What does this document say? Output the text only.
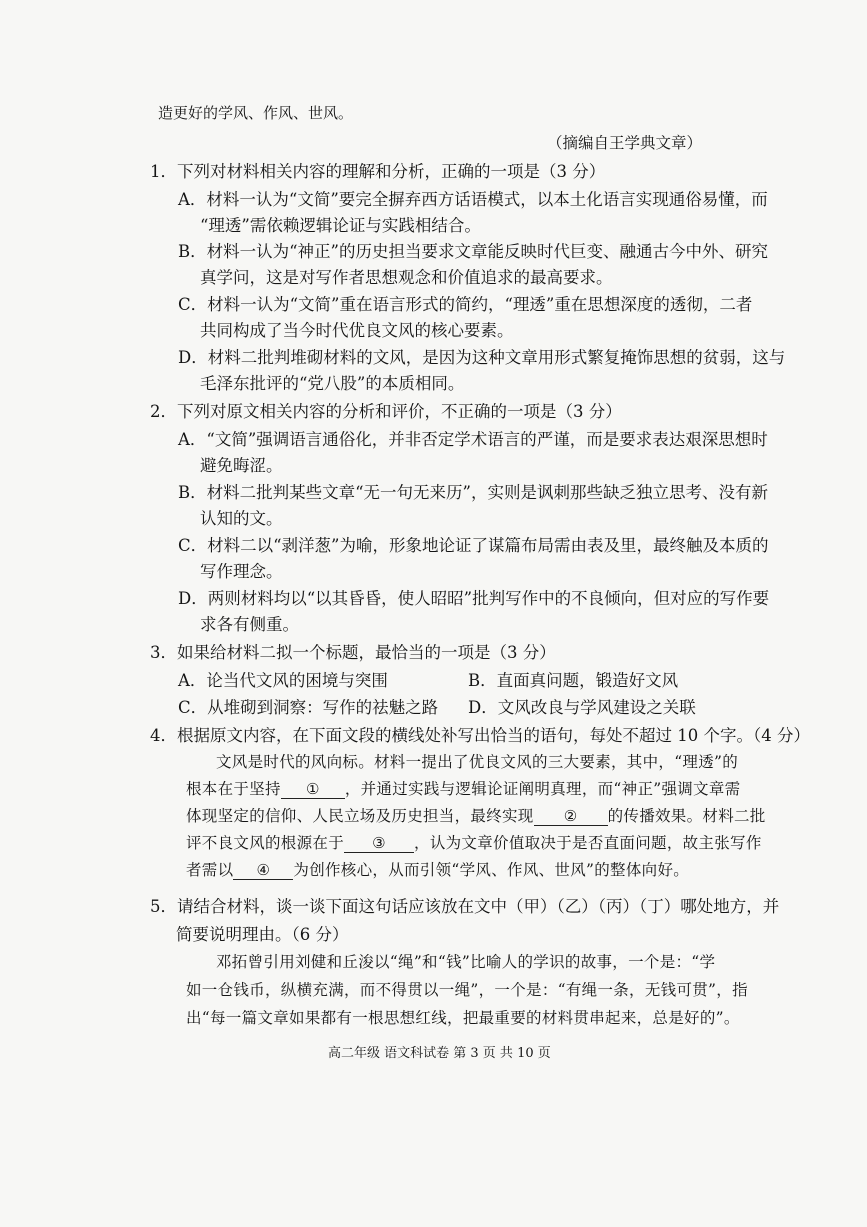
造更好的学风、作风、世风。
（摘编自王学典文章）
1．下列对材料相关内容的理解和分析，正确的一项是（3 分）
A．材料一认为“文简”要完全摒弃西方话语模式，以本土化语言实现通俗易懂，而
“理透”需依赖逻辑论证与实践相结合。
B．材料一认为“神正”的历史担当要求文章能反映时代巨变、融通古今中外、研究
真学问，这是对写作者思想观念和价值追求的最高要求。
C．材料一认为“文简”重在语言形式的简约，“理透”重在思想深度的透彻，二者
共同构成了当今时代优良文风的核心要素。
D．材料二批判堆砌材料的文风，是因为这种文章用形式繁复掩饰思想的贫弱，这与
毛泽东批评的“党八股”的本质相同。
2．下列对原文相关内容的分析和评价，不正确的一项是（3 分）
A．“文简”强调语言通俗化，并非否定学术语言的严谨，而是要求表达艰深思想时
避免晦涩。
B．材料二批判某些文章“无一句无来历”，实则是讽刺那些缺乏独立思考、没有新
认知的文。
C．材料二以“剥洋葱”为喻，形象地论证了谋篇布局需由表及里，最终触及本质的
写作理念。
D．两则材料均以“以其昏昏，使人昭昭”批判写作中的不良倾向，但对应的写作要
求各有侧重。
3．如果给材料二拟一个标题，最恰当的一项是（3 分）
A．论当代文风的困境与突围	B．直面真问题，锻造好文风
C．从堆砌到洞察：写作的祛魅之路 D．文风改良与学风建设之关联
4．根据原文内容，在下面文段的横线处补写出恰当的语句，每处不超过 10 个字。（4 分）
文风是时代的风向标。材料一提出了优良文风的三大要素，其中，“理透”的
根本在于坚持 ① ，并通过实践与逻辑论证阐明真理，而“神正”强调文章需
体现坚定的信仰、人民立场及历史担当，最终实现 ② 的传播效果。材料二批
评不良文风的根源在于 ③ ，认为文章价值取决于是否直面问题，故主张写作
者需以 ④ 为创作核心，从而引领“学风、作风、世风”的整体向好。
5．请结合材料，谈一谈下面这句话应该放在文中（甲）（乙）（丙）（丁）哪处地方，并
简要说明理由。（6 分）
邓拓曾引用刘健和丘浚以“绳”和“钱”比喻人的学识的故事，一个是：“学
如一仓钱币，纵横充满，而不得贯以一绳”，一个是：“有绳一条，无钱可贯”，指
出“每一篇文章如果都有一根思想红线，把最重要的材料贯串起来，总是好的”。
高二年级 语文科试卷 第 3 页 共 10 页
